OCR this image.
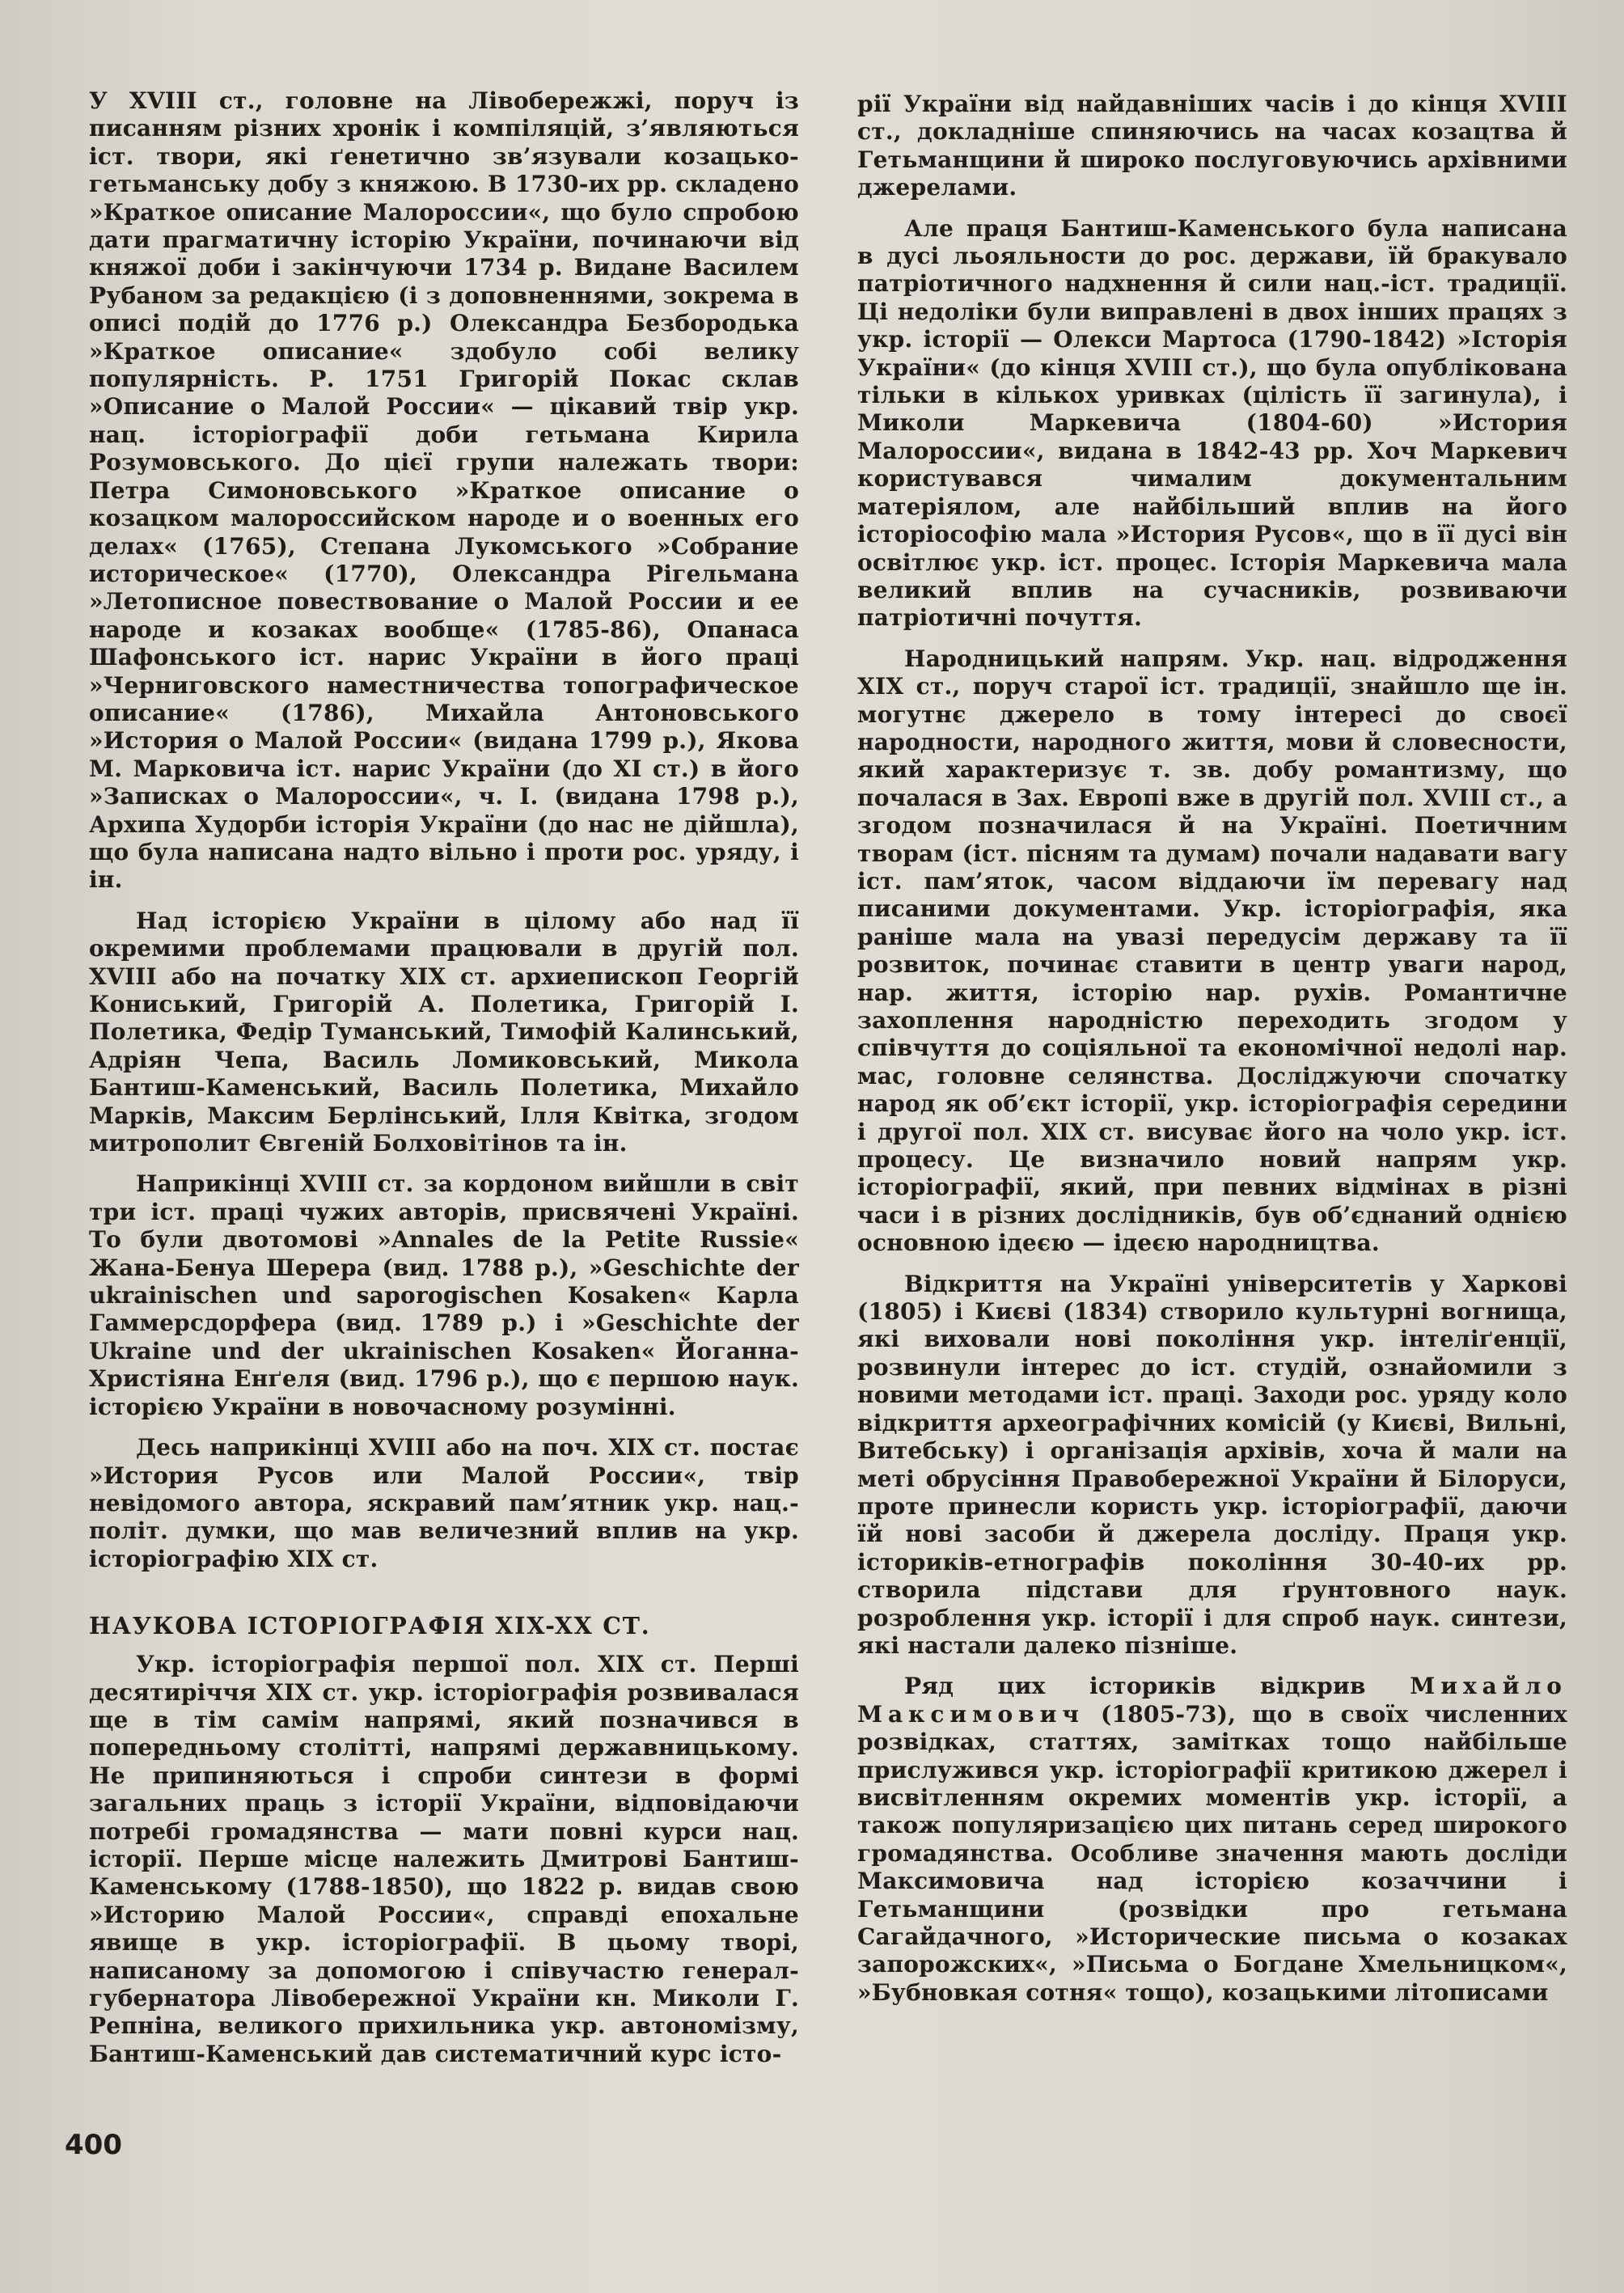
У XVIII ст., головне на Лівобережжі, поруч із писанням різних хронік і компіляцій, з’являються іст. твори, які ґенетично зв’язували козацько-гетьманську добу з княжою. В 1730-их рр. складено »Краткое описание Малороссии«, що було спробою дати прагматичну історію України, починаючи від княжої доби і закінчуючи 1734 р. Видане Василем Рубаном за редакцією (і з доповненнями, зокрема в описі подій до 1776 р.) Олександра Безбородька »Краткое описание« здобуло собі велику популярність. Р. 1751 Григорій Покас склав »Описание о Малой России« — цікавий твір укр. нац. історіографії доби гетьмана Кирила Розумовського. До цієї групи належать твори: Петра Симоновського »Краткое описание о козацком малороссийском народе и о военных его делах« (1765), Степана Лукомського »Собрание историческое« (1770), Олександра Рігельмана »Летописное повествование о Малой России и ее народе и козаках вообще« (1785-86), Опанаса Шафонського іст. нарис України в його праці »Черниговского наместничества топографическое описание« (1786), Михайла Антоновського »История о Малой России« (видана 1799 р.), Якова М. Марковича іст. нарис України (до XI ст.) в його »Записках о Малороссии«, ч. I. (видана 1798 р.), Архипа Худорби історія України (до нас не дійшла), що була написана надто вільно і проти рос. уряду, і ін.

Над історією України в цілому або над її окремими проблемами працювали в другій пол. XVIII або на початку XIX ст. архиепископ Георгій Кониський, Григорій А. Полетика, Григорій І. Полетика, Федір Туманський, Тимофій Калинський, Адріян Чепа, Василь Ломиковський, Микола Бантиш-Каменський, Василь Полетика, Михайло Марків, Максим Берлінський, Ілля Квітка, згодом митрополит Євгеній Болховітінов та ін.

Наприкінці XVIII ст. за кордоном вийшли в світ три іст. праці чужих авторів, присвячені Україні. То були двотомові »Annales de la Petite Russie« Жана-Бенуа Шерера (вид. 1788 р.), »Geschichte der ukrainischen und saporogischen Kosaken« Карла Гаммерсдорфера (вид. 1789 р.) і »Geschichte der Ukraine und der ukrainischen Kosaken« Йоганна-Христіяна Енґеля (вид. 1796 р.), що є першою наук. історією України в новочасному розумінні.

Десь наприкінці XVIII або на поч. XIX ст. постає »История Русов или Малой России«, твір невідомого автора, яскравий пам’ятник укр. нац.-політ. думки, що мав величезний вплив на укр. історіографію XIX ст.

НАУКОВА ІСТОРІОГРАФІЯ XIX-XX СТ.

Укр. історіографія першої пол. XIX ст. Перші десятиріччя XIX ст. укр. історіографія розвивалася ще в тім самім напрямі, який позначився в попередньому столітті, напрямі державницькому. Не припиняються і спроби синтези в формі загальних праць з історії України, відповідаючи потребі громадянства — мати повні курси нац. історії. Перше місце належить Дмитрові Бантиш-Каменському (1788-1850), що 1822 р. видав свою »Историю Малой России«, справді епохальне явище в укр. історіографії. В цьому творі, написаному за допомогою і співучастю генерал-губернатора Лівобережної України кн. Миколи Г. Репніна, великого прихильника укр. автономізму, Бантиш-Каменський дав систематичний курс істо-

рії України від найдавніших часів і до кінця XVIII ст., докладніше спиняючись на часах козацтва й Гетьманщини й широко послуговуючись архівними джерелами.

Але праця Бантиш-Каменського була написана в дусі льояльности до рос. держави, їй бракувало патріотичного надхнення й сили нац.-іст. традиції. Ці недоліки були виправлені в двох інших працях з укр. історії — Олекси Мартоса (1790-1842) »Історія України« (до кінця XVIII ст.), що була опублікована тільки в кількох уривках (цілість її загинула), і Миколи Маркевича (1804-60) »История Малороссии«, видана в 1842-43 рр. Хоч Маркевич користувався чималим документальним матеріялом, але найбільший вплив на його історіософію мала »История Русов«, що в її дусі він освітлює укр. іст. процес. Історія Маркевича мала великий вплив на сучасників, розвиваючи патріотичні почуття.

Народницький напрям. Укр. нац. відродження XIX ст., поруч старої іст. традиції, знайшло ще ін. могутнє джерело в тому інтересі до своєї народности, народного життя, мови й словесности, який характеризує т. зв. добу романтизму, що почалася в Зах. Европі вже в другій пол. XVIII ст., а згодом позначилася й на Україні. Поетичним творам (іст. пісням та думам) почали надавати вагу іст. пам’яток, часом віддаючи їм перевагу над писаними документами. Укр. історіографія, яка раніше мала на увазі передусім державу та її розвиток, починає ставити в центр уваги народ, нар. життя, історію нар. рухів. Романтичне захоплення народністю переходить згодом у співчуття до соціяльної та економічної недолі нар. мас, головне селянства. Досліджуючи спочатку народ як об’єкт історії, укр. історіографія середини і другої пол. XIX ст. висуває його на чоло укр. іст. процесу. Це визначило новий напрям укр. історіографії, який, при певних відмінах в різні часи і в різних дослідників, був об’єднаний однією основною ідеєю — ідеєю народництва.

Відкриття на Україні університетів у Харкові (1805) і Києві (1834) створило культурні вогнища, які виховали нові покоління укр. інтеліґенції, розвинули інтерес до іст. студій, ознайомили з новими методами іст. праці. Заходи рос. уряду коло відкриття археографічних комісій (у Києві, Вильні, Витебську) і організація архівів, хоча й мали на меті обрусіння Правобережної України й Білоруси, проте принесли користь укр. історіографії, даючи їй нові засоби й джерела досліду. Праця укр. істориків-етнографів покоління 30-40-их рр. створила підстави для ґрунтовного наук. розроблення укр. історії і для спроб наук. синтези, які настали далеко пізніше.

Ряд цих істориків відкрив Михайло Максимович (1805-73), що в своїх численних розвідках, статтях, замітках тощо найбільше прислужився укр. історіографії критикою джерел і висвітленням окремих моментів укр. історії, а також популяризацією цих питань серед широкого громадянства. Особливе значення мають досліди Максимовича над історією козаччини і Гетьманщини (розвідки про гетьмана Сагайдачного, »Исторические письма о козаках запорожских«, »Письма о Богдане Хмельницком«, »Бубновкая сотня« тощо), козацькими літописами

400
